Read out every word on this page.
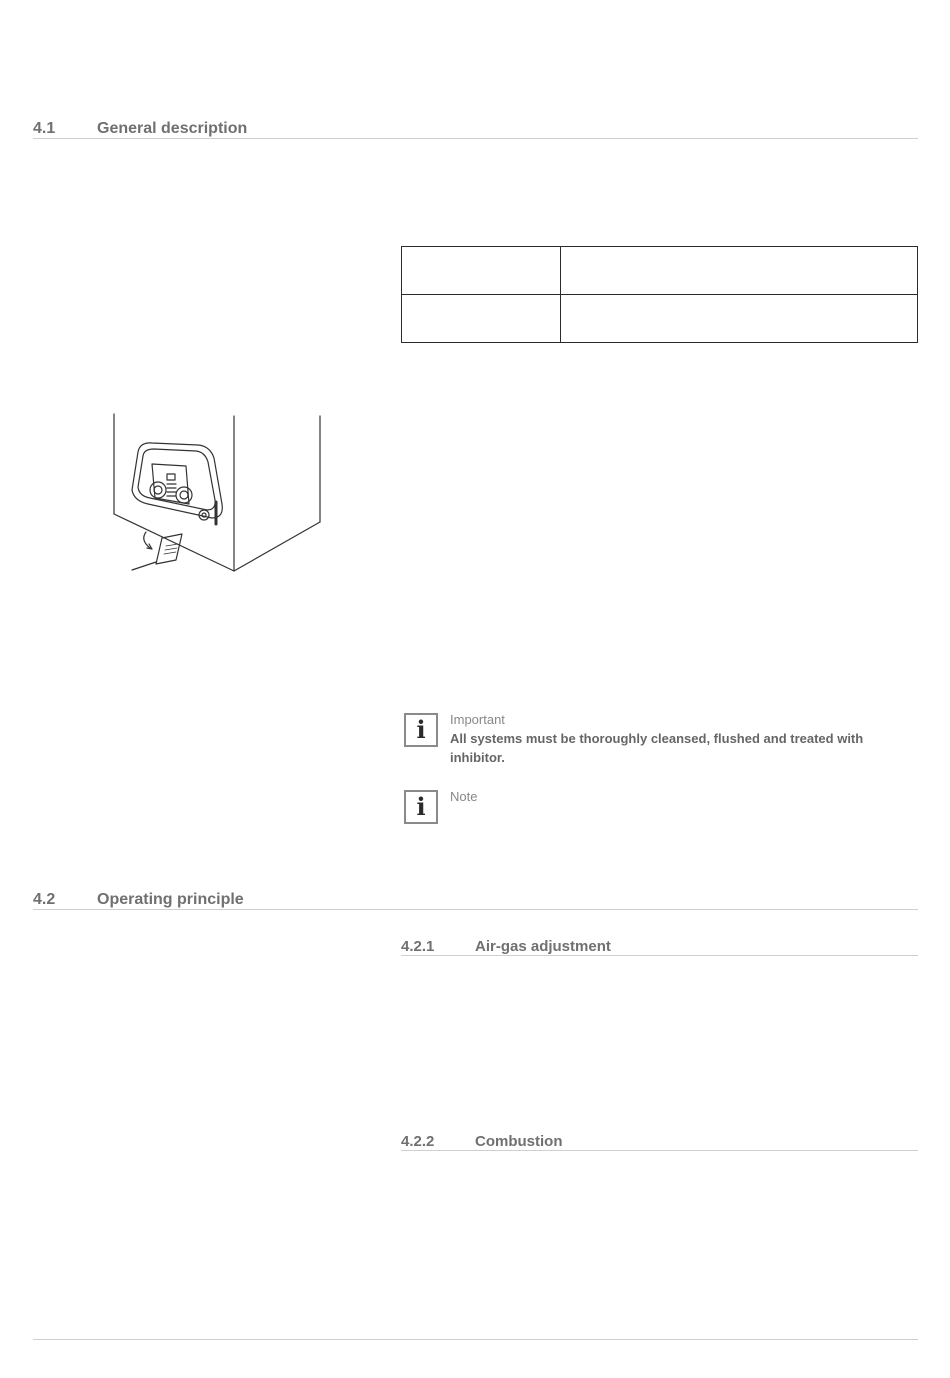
4.1	General description

i Important
All systems must be thoroughly cleansed, flushed and treated with inhibitor.
i Note
4.2	Operating principle
4.2.1	Air-gas adjustment
4.2.2	Combustion
